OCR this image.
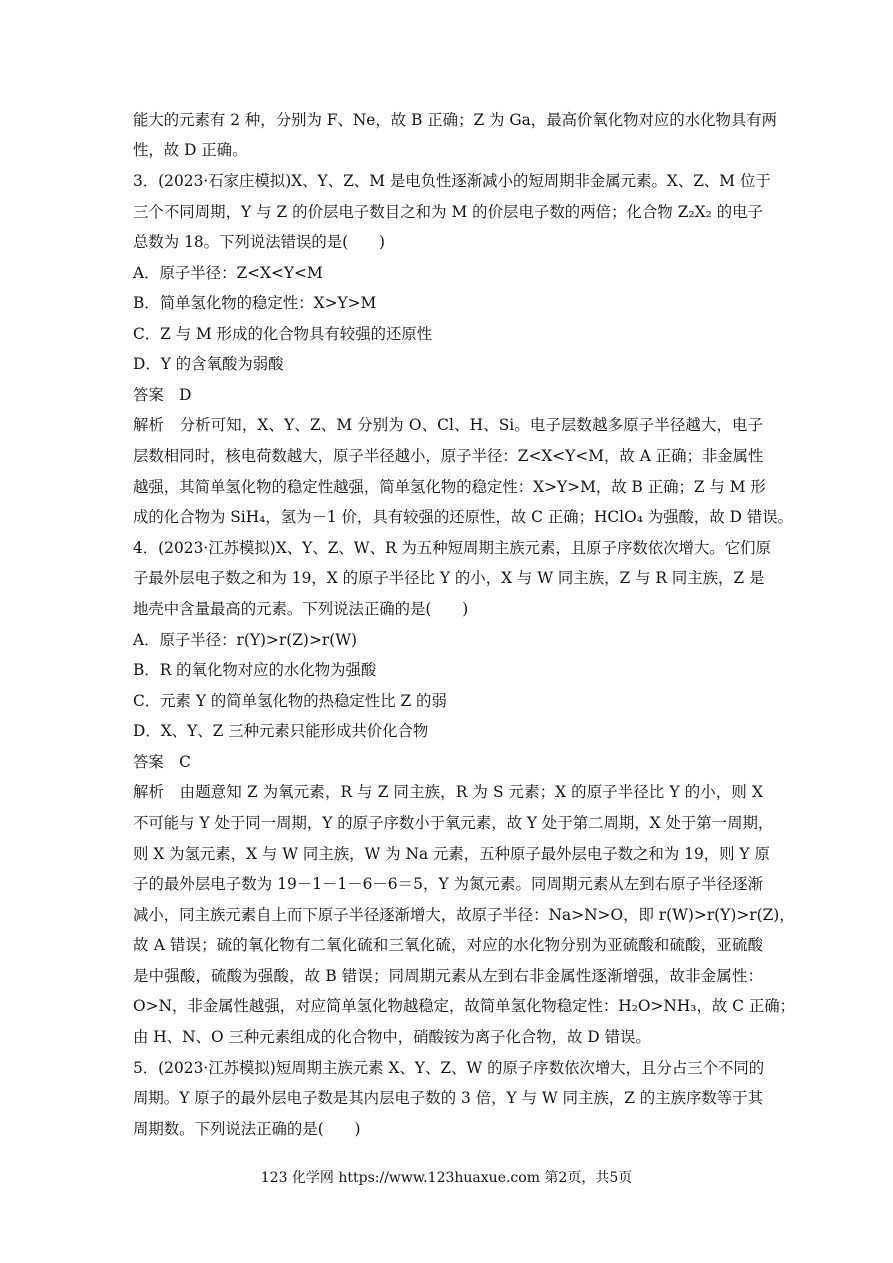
能大的元素有 2 种，分别为 F、Ne，故 B 正确；Z 为 Ga，最高价氧化物对应的水化物具有两
性，故 D 正确。
3．(2023·石家庄模拟)X、Y、Z、M 是电负性逐渐减小的短周期非金属元素。X、Z、M 位于
三个不同周期，Y 与 Z 的价层电子数目之和为 M 的价层电子数的两倍；化合物 Z₂X₂ 的电子
总数为 18。下列说法错误的是(　　)
A．原子半径：Z<X<Y<M
B．简单氢化物的稳定性：X>Y>M
C．Z 与 M 形成的化合物具有较强的还原性
D．Y 的含氧酸为弱酸
答案　D
解析　分析可知，X、Y、Z、M 分别为 O、Cl、H、Si。电子层数越多原子半径越大，电子
层数相同时，核电荷数越大，原子半径越小，原子半径：Z<X<Y<M，故 A 正确；非金属性
越强，其简单氢化物的稳定性越强，简单氢化物的稳定性：X>Y>M，故 B 正确；Z 与 M 形
成的化合物为 SiH₄，氢为－1 价，具有较强的还原性，故 C 正确；HClO₄ 为强酸，故 D 错误。
4．(2023·江苏模拟)X、Y、Z、W、R 为五种短周期主族元素，且原子序数依次增大。它们原
子最外层电子数之和为 19，X 的原子半径比 Y 的小，X 与 W 同主族，Z 与 R 同主族，Z 是
地壳中含量最高的元素。下列说法正确的是(　　)
A．原子半径：r(Y)>r(Z)>r(W)
B．R 的氧化物对应的水化物为强酸
C．元素 Y 的简单氢化物的热稳定性比 Z 的弱
D．X、Y、Z 三种元素只能形成共价化合物
答案　C
解析　由题意知 Z 为氧元素，R 与 Z 同主族，R 为 S 元素；X 的原子半径比 Y 的小，则 X
不可能与 Y 处于同一周期，Y 的原子序数小于氧元素，故 Y 处于第二周期，X 处于第一周期，
则 X 为氢元素，X 与 W 同主族，W 为 Na 元素，五种原子最外层电子数之和为 19，则 Y 原
子的最外层电子数为 19－1－1－6－6＝5，Y 为氮元素。同周期元素从左到右原子半径逐渐
减小，同主族元素自上而下原子半径逐渐增大，故原子半径：Na>N>O，即 r(W)>r(Y)>r(Z)，
故 A 错误；硫的氧化物有二氧化硫和三氧化硫，对应的水化物分别为亚硫酸和硫酸，亚硫酸
是中强酸，硫酸为强酸，故 B 错误；同周期元素从左到右非金属性逐渐增强，故非金属性：
O>N，非金属性越强，对应简单氢化物越稳定，故简单氢化物稳定性：H₂O>NH₃，故 C 正确；
由 H、N、O 三种元素组成的化合物中，硝酸铵为离子化合物，故 D 错误。
5．(2023·江苏模拟)短周期主族元素 X、Y、Z、W 的原子序数依次增大，且分占三个不同的
周期。Y 原子的最外层电子数是其内层电子数的 3 倍，Y 与 W 同主族，Z 的主族序数等于其
周期数。下列说法正确的是(　　)
123 化学网 https://www.123huaxue.com 第2页，共5页
